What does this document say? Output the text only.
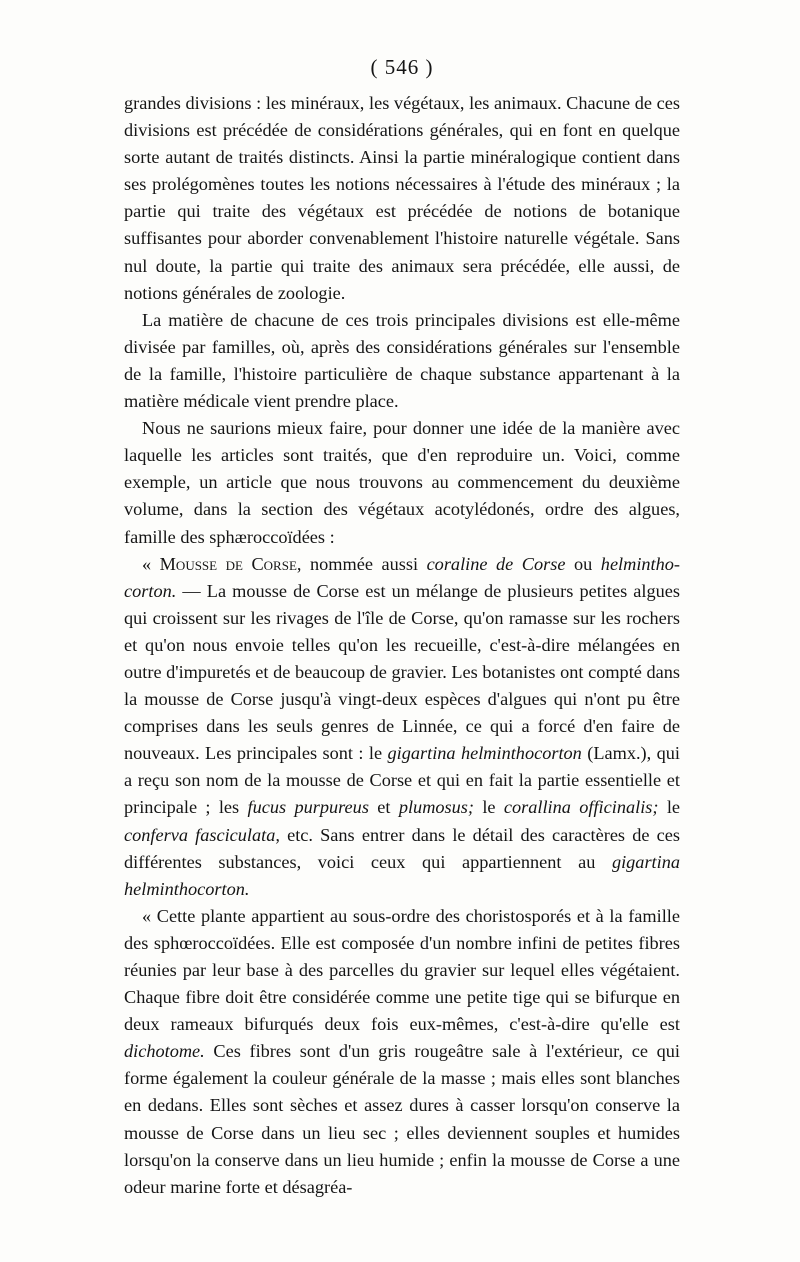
( 546 )

grandes divisions : les minéraux, les végétaux, les animaux. Chacune de ces divisions est précédée de considérations générales, qui en font en quelque sorte autant de traités distincts. Ainsi la partie minéralogique contient dans ses prolégomènes toutes les notions nécessaires à l'étude des minéraux ; la partie qui traite des végétaux est précédée de notions de botanique suffisantes pour aborder convenablement l'histoire naturelle végétale. Sans nul doute, la partie qui traite des animaux sera précédée, elle aussi, de notions générales de zoologie.

La matière de chacune de ces trois principales divisions est elle-même divisée par familles, où, après des considérations générales sur l'ensemble de la famille, l'histoire particulière de chaque substance appartenant à la matière médicale vient prendre place.

Nous ne saurions mieux faire, pour donner une idée de la manière avec laquelle les articles sont traités, que d'en reproduire un. Voici, comme exemple, un article que nous trouvons au commencement du deuxième volume, dans la section des végétaux acotylédonés, ordre des algues, famille des sphæroccoïdées :

« Mousse de Corse, nommée aussi coraline de Corse ou helminthocorton. — La mousse de Corse est un mélange de plusieurs petites algues qui croissent sur les rivages de l'île de Corse, qu'on ramasse sur les rochers et qu'on nous envoie telles qu'on les recueille, c'est-à-dire mélangées en outre d'impuretés et de beaucoup de gravier. Les botanistes ont compté dans la mousse de Corse jusqu'à vingt-deux espèces d'algues qui n'ont pu être comprises dans les seuls genres de Linnée, ce qui a forcé d'en faire de nouveaux. Les principales sont : le gigartina helminthocorton (Lamx.), qui a reçu son nom de la mousse de Corse et qui en fait la partie essentielle et principale ; les fucus purpureus et plumosus; le corallina officinalis; le conferva fasciculata, etc. Sans entrer dans le détail des caractères de ces différentes substances, voici ceux qui appartiennent au gigartina helminthocorton.

« Cette plante appartient au sous-ordre des choristosporés et à la famille des sphœroccoïdées. Elle est composée d'un nombre infini de petites fibres réunies par leur base à des parcelles du gravier sur lequel elles végétaient. Chaque fibre doit être considérée comme une petite tige qui se bifurque en deux rameaux bifurqués deux fois eux-mêmes, c'est-à-dire qu'elle est dichotome. Ces fibres sont d'un gris rougeâtre sale à l'extérieur, ce qui forme également la couleur générale de la masse ; mais elles sont blanches en dedans. Elles sont sèches et assez dures à casser lorsqu'on conserve la mousse de Corse dans un lieu sec ; elles deviennent souples et humides lorsqu'on la conserve dans un lieu humide ; enfin la mousse de Corse a une odeur marine forte et désagréa-
